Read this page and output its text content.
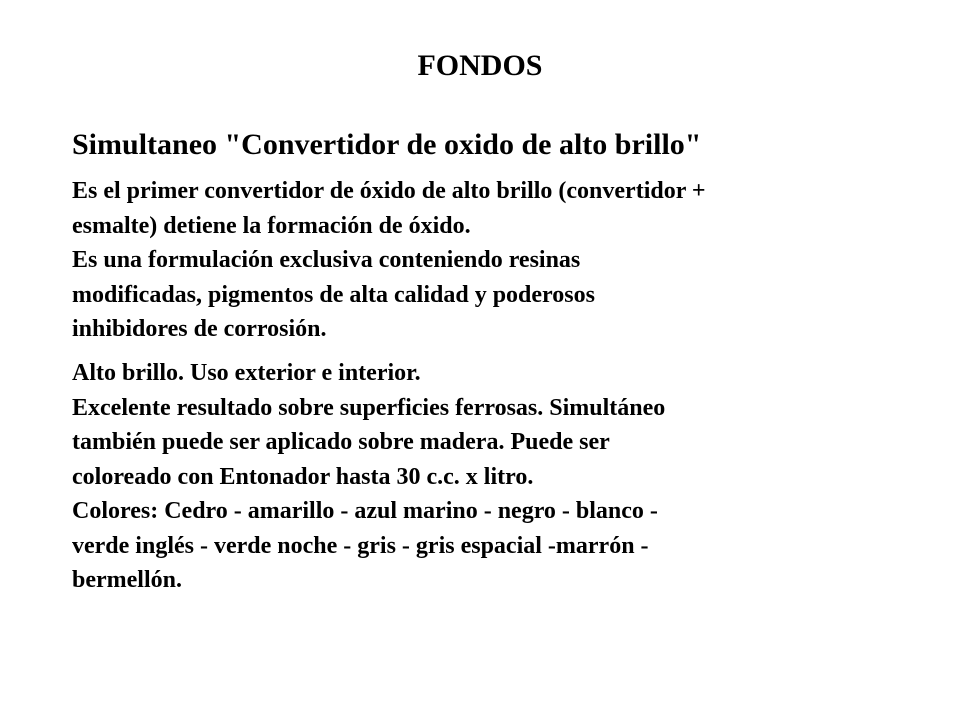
FONDOS
Simultaneo "Convertidor de oxido de alto brillo"
Es el primer convertidor de óxido de alto brillo (convertidor +
esmalte) detiene la formación de óxido.
Es una formulación exclusiva conteniendo resinas
modificadas, pigmentos de alta calidad y poderosos
inhibidores de corrosión.
Alto brillo. Uso exterior e interior.
Excelente resultado sobre superficies ferrosas. Simultáneo
también puede ser aplicado sobre madera. Puede ser
coloreado con Entonador hasta 30 c.c. x litro.
Colores: Cedro - amarillo - azul marino - negro - blanco -
verde inglés - verde noche - gris - gris espacial -marrón -
bermellón.
